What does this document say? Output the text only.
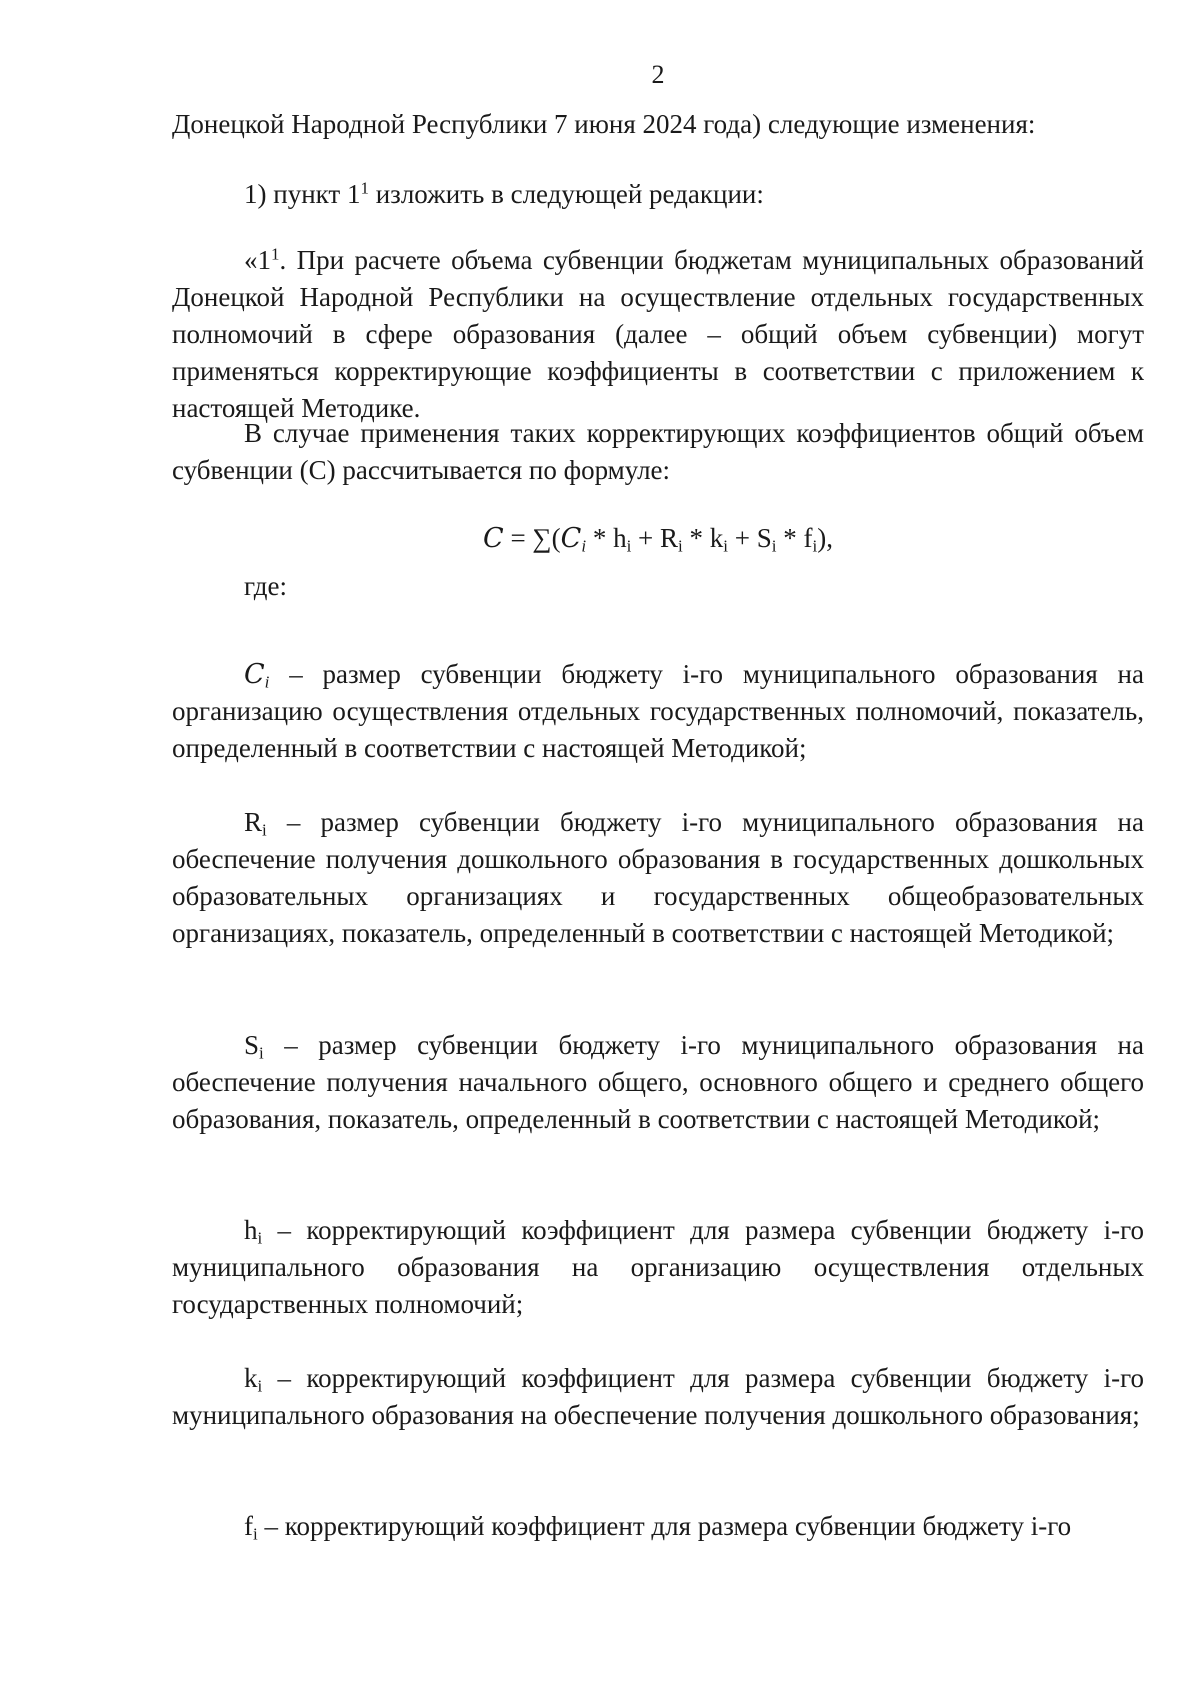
2

Донецкой Народной Республики 7 июня 2024 года) следующие изменения:

1) пункт $1^1$ изложить в следующей редакции:

«$1^1$. При расчете объема субвенции бюджетам муниципальных образований Донецкой Народной Республики на осуществление отдельных государственных полномочий в сфере образования (далее – общий объем субвенции) могут применяться корректирующие коэффициенты в соответствии с приложением к настоящей Методике.

В случае применения таких корректирующих коэффициентов общий объем субвенции (С) рассчитывается по формуле:

$C = \sum(C_i * h_i + R_i * k_i + S_i * f_i)$,

где:

$C_i$ – размер субвенции бюджету i-го муниципального образования на организацию осуществления отдельных государственных полномочий, показатель, определенный в соответствии с настоящей Методикой;

$R_i$ – размер субвенции бюджету i-го муниципального образования на обеспечение получения дошкольного образования в государственных дошкольных образовательных организациях и государственных общеобразовательных организациях, показатель, определенный в соответствии с настоящей Методикой;

$S_i$ – размер субвенции бюджету i-го муниципального образования на обеспечение получения начального общего, основного общего и среднего общего образования, показатель, определенный в соответствии с настоящей Методикой;

$h_i$ – корректирующий коэффициент для размера субвенции бюджету i-го муниципального образования на организацию осуществления отдельных государственных полномочий;

$k_i$ – корректирующий коэффициент для размера субвенции бюджету i-го муниципального образования на обеспечение получения дошкольного образования;

$f_i$ – корректирующий коэффициент для размера субвенции бюджету i-го
